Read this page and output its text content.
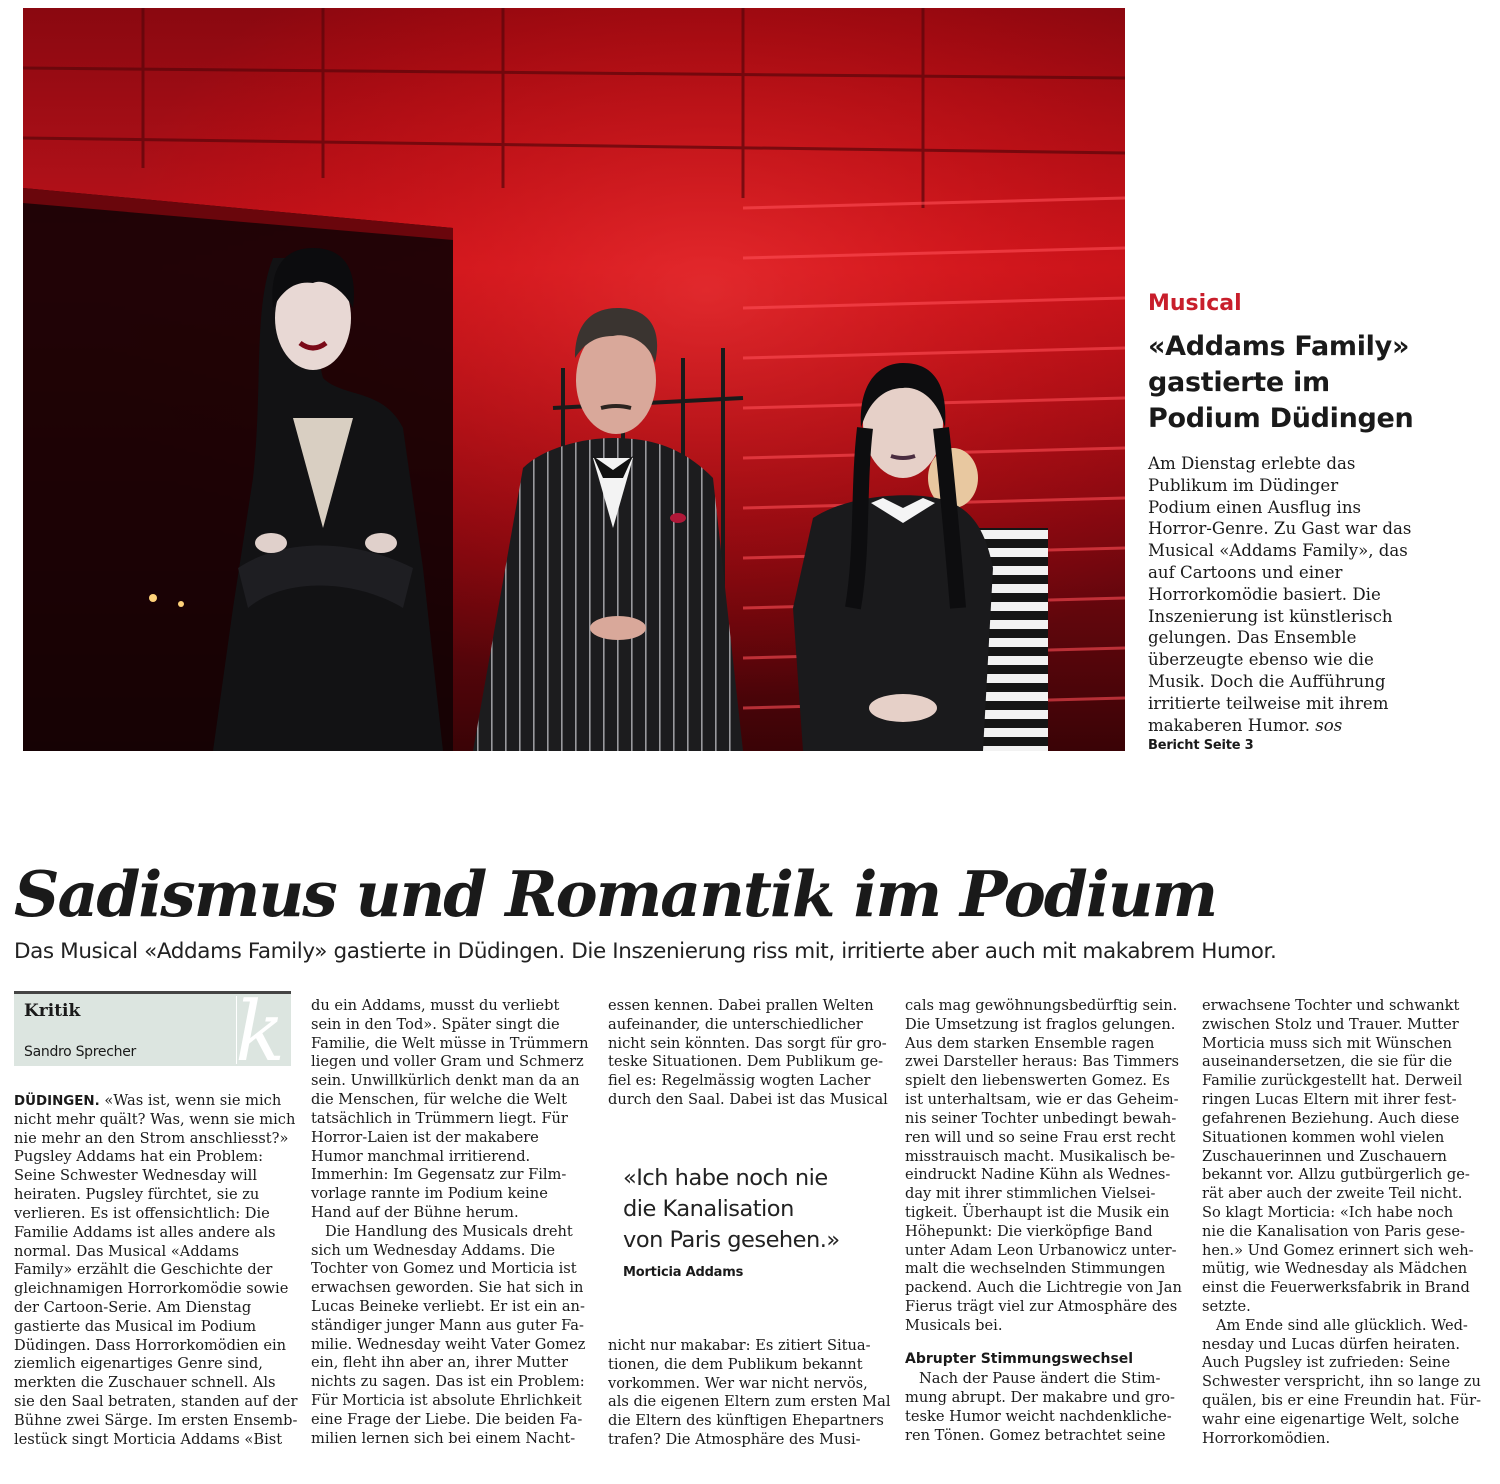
Musical
«Addams Family»
gastierte im
Podium Düdingen
Am Dienstag erlebte das
Publikum im Düdinger
Podium einen Ausflug ins
Horror-Genre. Zu Gast war das
Musical «Addams Family», das
auf Cartoons und einer
Horrorkomödie basiert. Die
Inszenierung ist künstlerisch
gelungen. Das Ensemble
überzeugte ebenso wie die
Musik. Doch die Aufführung
irritierte teilweise mit ihrem
makaberen Humor. sos
Bericht Seite 3
Sadismus und Romantik im Podium
Das Musical «Addams Family» gastierte in Düdingen. Die Inszenierung riss mit, irritierte aber auch mit makabrem Humor.
Kritik
Sandro Sprecher k
DÜDINGEN. «Was ist, wenn sie mich
nicht mehr quält? Was, wenn sie mich
nie mehr an den Strom anschliesst?»
Pugsley Addams hat ein Problem:
Seine Schwester Wednesday will
heiraten. Pugsley fürchtet, sie zu
verlieren. Es ist offensichtlich: Die
Familie Addams ist alles andere als
normal. Das Musical «Addams
Family» erzählt die Geschichte der
gleichnamigen Horrorkomödie sowie
der Cartoon-Serie. Am Dienstag
gastierte das Musical im Podium
Düdingen. Dass Horrorkomödien ein
ziemlich eigenartiges Genre sind,
merkten die Zuschauer schnell. Als
sie den Saal betraten, standen auf der
Bühne zwei Särge. Im ersten Ensemb-
lestück singt Morticia Addams «Bist
du ein Addams, musst du verliebt
sein in den Tod». Später singt die
Familie, die Welt müsse in Trümmern
liegen und voller Gram und Schmerz
sein. Unwillkürlich denkt man da an
die Menschen, für welche die Welt
tatsächlich in Trümmern liegt. Für
Horror-Laien ist der makabere
Humor manchmal irritierend.
Immerhin: Im Gegensatz zur Film-
vorlage rannte im Podium keine
Hand auf der Bühne herum.
Die Handlung des Musicals dreht
sich um Wednesday Addams. Die
Tochter von Gomez und Morticia ist
erwachsen geworden. Sie hat sich in
Lucas Beineke verliebt. Er ist ein an-
ständiger junger Mann aus guter Fa-
milie. Wednesday weiht Vater Gomez
ein, fleht ihn aber an, ihrer Mutter
nichts zu sagen. Das ist ein Problem:
Für Morticia ist absolute Ehrlichkeit
eine Frage der Liebe. Die beiden Fa-
milien lernen sich bei einem Nacht-
essen kennen. Dabei prallen Welten
aufeinander, die unterschiedlicher
nicht sein könnten. Das sorgt für gro-
teske Situationen. Dem Publikum ge-
fiel es: Regelmässig wogten Lacher
durch den Saal. Dabei ist das Musical
«Ich habe noch nie
die Kanalisation
von Paris gesehen.»
Morticia Addams
nicht nur makabar: Es zitiert Situa-
tionen, die dem Publikum bekannt
vorkommen. Wer war nicht nervös,
als die eigenen Eltern zum ersten Mal
die Eltern des künftigen Ehepartners
trafen? Die Atmosphäre des Musi-
cals mag gewöhnungsbedürftig sein.
Die Umsetzung ist fraglos gelungen.
Aus dem starken Ensemble ragen
zwei Darsteller heraus: Bas Timmers
spielt den liebenswerten Gomez. Es
ist unterhaltsam, wie er das Geheim-
nis seiner Tochter unbedingt bewah-
ren will und so seine Frau erst recht
misstrauisch macht. Musikalisch be-
eindruckt Nadine Kühn als Wednes-
day mit ihrer stimmlichen Vielsei-
tigkeit. Überhaupt ist die Musik ein
Höhepunkt: Die vierköpfige Band
unter Adam Leon Urbanowicz unter-
malt die wechselnden Stimmungen
packend. Auch die Lichtregie von Jan
Fierus trägt viel zur Atmosphäre des
Musicals bei.
Abrupter Stimmungswechsel
Nach der Pause ändert die Stim-
mung abrupt. Der makabre und gro-
teske Humor weicht nachdenkliche-
ren Tönen. Gomez betrachtet seine
erwachsene Tochter und schwankt
zwischen Stolz und Trauer. Mutter
Morticia muss sich mit Wünschen
auseinandersetzen, die sie für die
Familie zurückgestellt hat. Derweil
ringen Lucas Eltern mit ihrer fest-
gefahrenen Beziehung. Auch diese
Situationen kommen wohl vielen
Zuschauerinnen und Zuschauern
bekannt vor. Allzu gutbürgerlich ge-
rät aber auch der zweite Teil nicht.
So klagt Morticia: «Ich habe noch
nie die Kanalisation von Paris gese-
hen.» Und Gomez erinnert sich weh-
mütig, wie Wednesday als Mädchen
einst die Feuerwerksfabrik in Brand
setzte.
Am Ende sind alle glücklich. Wed-
nesday und Lucas dürfen heiraten.
Auch Pugsley ist zufrieden: Seine
Schwester verspricht, ihn so lange zu
quälen, bis er eine Freundin hat. Für-
wahr eine eigenartige Welt, solche
Horrorkomödien.
